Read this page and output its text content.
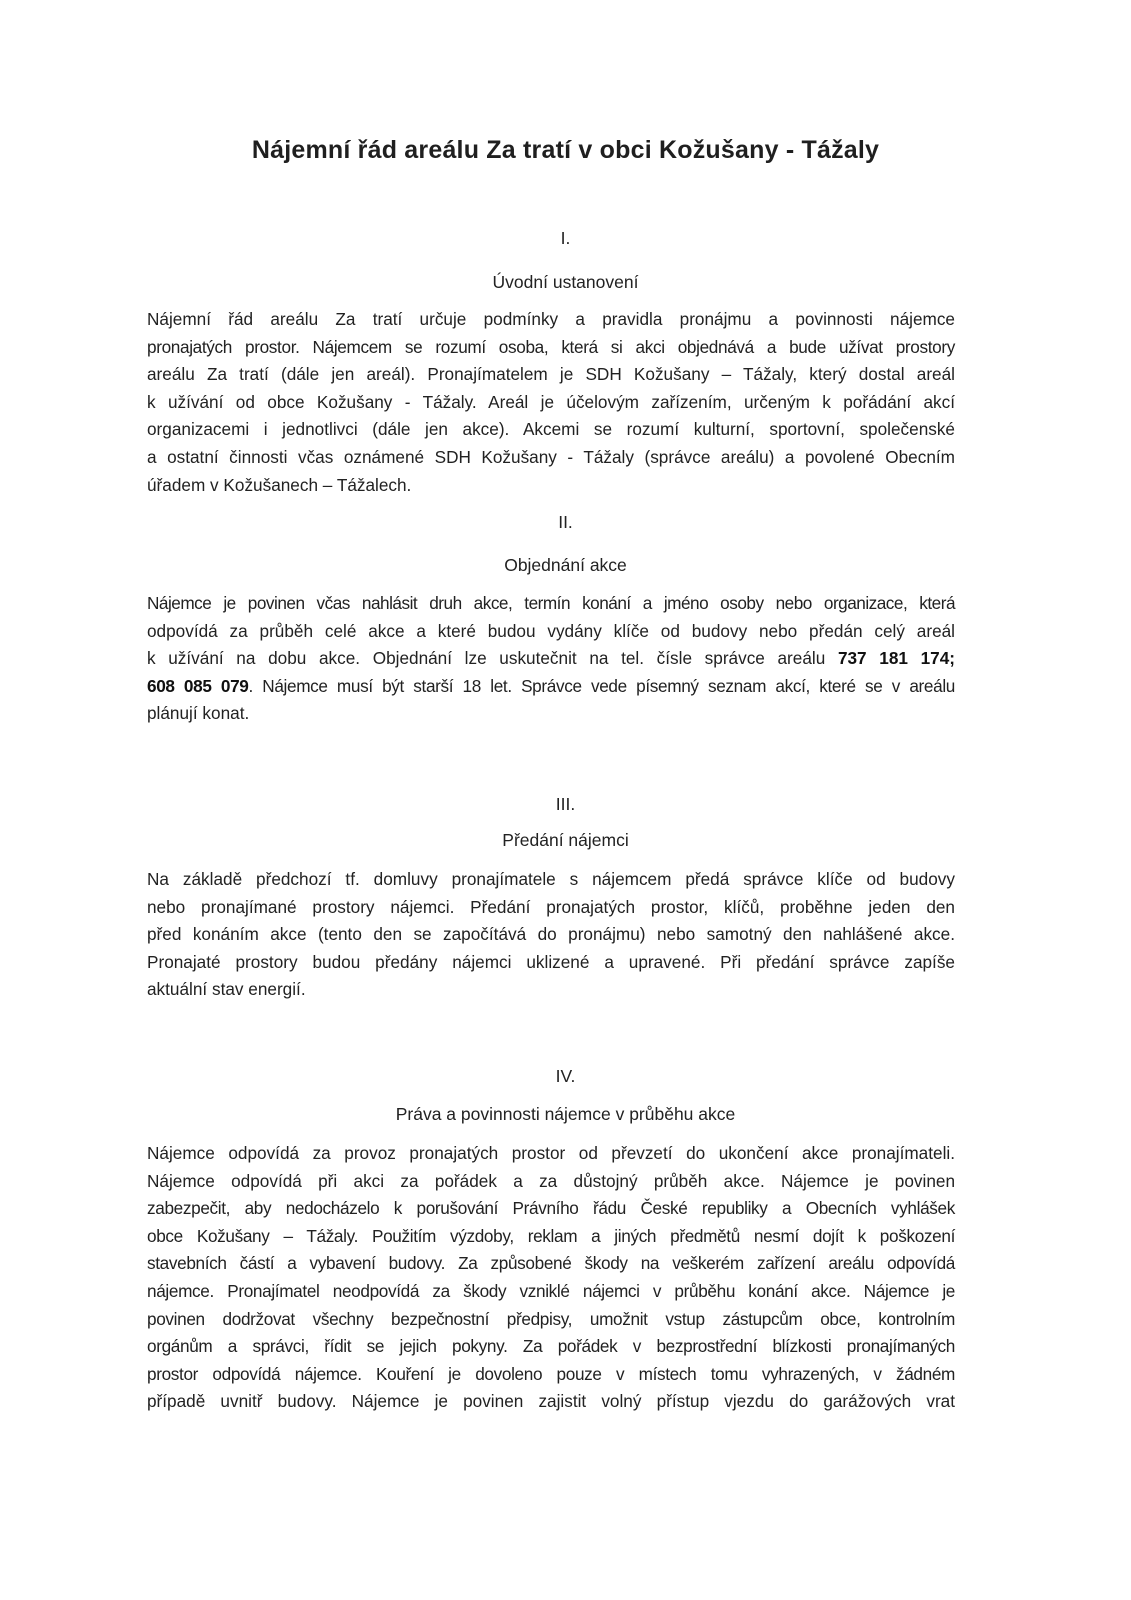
Nájemní řád areálu Za tratí v obci Kožušany - Tážaly
I.
Úvodní ustanovení
Nájemní řád areálu Za tratí určuje podmínky a pravidla pronájmu a povinnosti nájemce
pronajatých prostor. Nájemcem se rozumí osoba, která si akci objednává a bude užívat prostory
areálu Za tratí (dále jen areál). Pronajímatelem je SDH Kožušany – Tážaly, který dostal areál
k užívání od obce Kožušany - Tážaly. Areál je účelovým zařízením, určeným k pořádání akcí
organizacemi i jednotlivci (dále jen akce). Akcemi se rozumí kulturní, sportovní, společenské
a ostatní činnosti včas oznámené SDH Kožušany - Tážaly (správce areálu) a povolené Obecním
úřadem v Kožušanech – Tážalech.
II.
Objednání akce
Nájemce je povinen včas nahlásit druh akce, termín konání a jméno osoby nebo organizace, která
odpovídá za průběh celé akce a které budou vydány klíče od budovy nebo předán celý areál
k užívání na dobu akce. Objednání lze uskutečnit na tel. čísle správce areálu 737 181 174;
608 085 079. Nájemce musí být starší 18 let. Správce vede písemný seznam akcí, které se v areálu
plánují konat.
III.
Předání nájemci
Na základě předchozí tf. domluvy pronajímatele s nájemcem předá správce klíče od budovy
nebo pronajímané prostory nájemci. Předání pronajatých prostor, klíčů, proběhne jeden den
před konáním akce (tento den se započítává do pronájmu) nebo samotný den nahlášené akce.
Pronajaté prostory budou předány nájemci uklizené a upravené. Při předání správce zapíše
aktuální stav energií.
IV.
Práva a povinnosti nájemce v průběhu akce
Nájemce odpovídá za provoz pronajatých prostor od převzetí do ukončení akce pronajímateli.
Nájemce odpovídá při akci za pořádek a za důstojný průběh akce. Nájemce je povinen
zabezpečit, aby nedocházelo k porušování Právního řádu České republiky a Obecních vyhlášek
obce Kožušany – Tážaly. Použitím výzdoby, reklam a jiných předmětů nesmí dojít k poškození
stavebních částí a vybavení budovy. Za způsobené škody na veškerém zařízení areálu odpovídá
nájemce. Pronajímatel neodpovídá za škody vzniklé nájemci v průběhu konání akce. Nájemce je
povinen dodržovat všechny bezpečnostní předpisy, umožnit vstup zástupcům obce, kontrolním
orgánům a správci, řídit se jejich pokyny. Za pořádek v bezprostřední blízkosti pronajímaných
prostor odpovídá nájemce. Kouření je dovoleno pouze v místech tomu vyhrazených, v žádném
případě uvnitř budovy. Nájemce je povinen zajistit volný přístup vjezdu do garážových vrat
